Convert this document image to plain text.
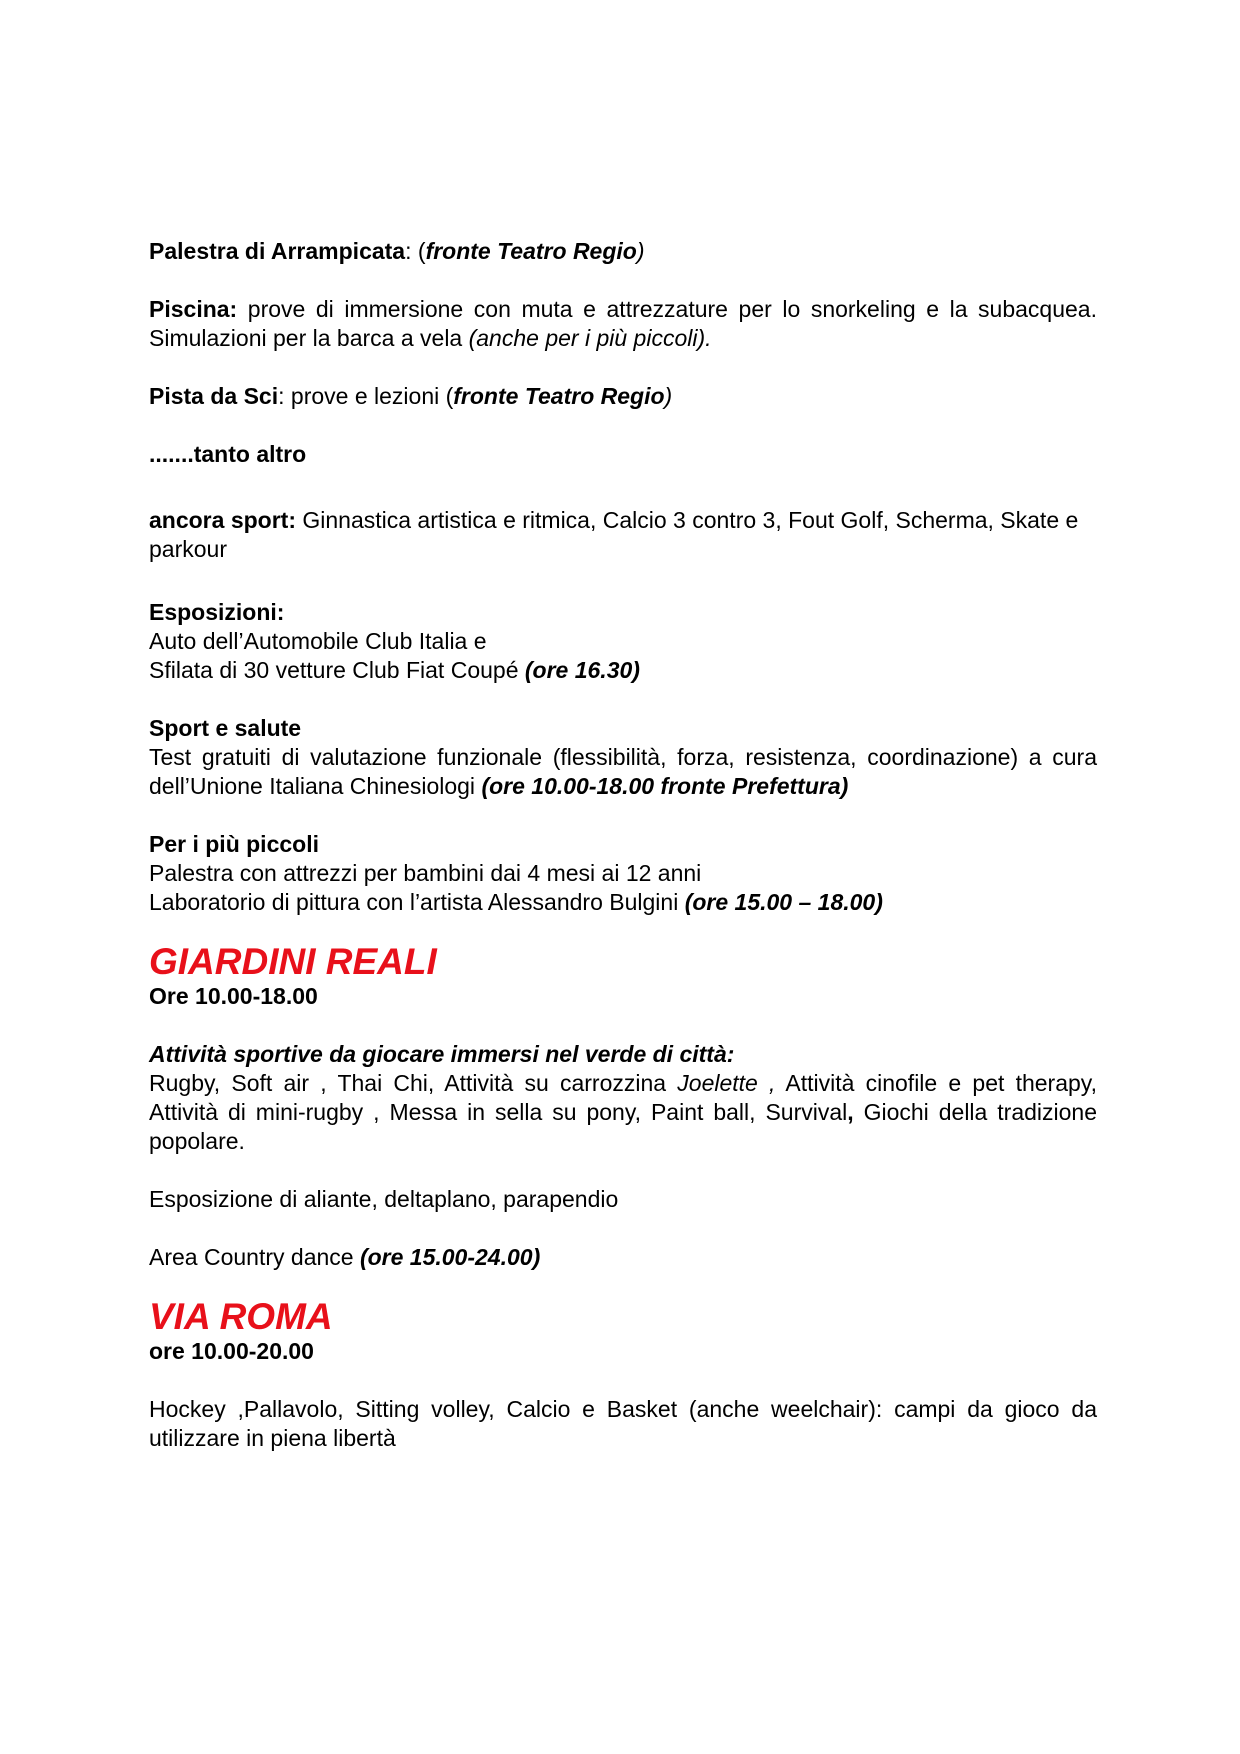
Palestra di Arrampicata: (fronte Teatro Regio)

Piscina: prove di immersione con muta e attrezzature per lo snorkeling e la subacquea. Simulazioni per la barca a vela (anche per i più piccoli).

Pista da Sci: prove e lezioni (fronte Teatro Regio)

.......tanto altro

ancora sport: Ginnastica artistica e ritmica, Calcio 3 contro 3, Fout Golf, Scherma, Skate e parkour

Esposizioni:

Auto dell’Automobile Club Italia e

Sfilata di 30 vetture Club Fiat Coupé (ore 16.30)

Sport e salute

Test gratuiti di valutazione funzionale (flessibilità, forza, resistenza, coordinazione) a cura dell’Unione Italiana Chinesiologi (ore 10.00-18.00 fronte Prefettura)

Per i più piccoli

Palestra con attrezzi per bambini dai 4 mesi ai 12 anni

Laboratorio di pittura con l’artista Alessandro Bulgini (ore 15.00 – 18.00)

GIARDINI REALI

Ore 10.00-18.00

Attività sportive da giocare immersi nel verde di città:

Rugby, Soft air , Thai Chi, Attività su carrozzina Joelette , Attività cinofile e pet therapy, Attività di mini-rugby , Messa in sella su pony, Paint ball, Survival, Giochi della tradizione popolare.

Esposizione di aliante, deltaplano, parapendio

Area Country dance (ore 15.00-24.00)

VIA ROMA

ore 10.00-20.00

Hockey ,Pallavolo, Sitting volley, Calcio e Basket (anche weelchair): campi da gioco da utilizzare in piena libertà
